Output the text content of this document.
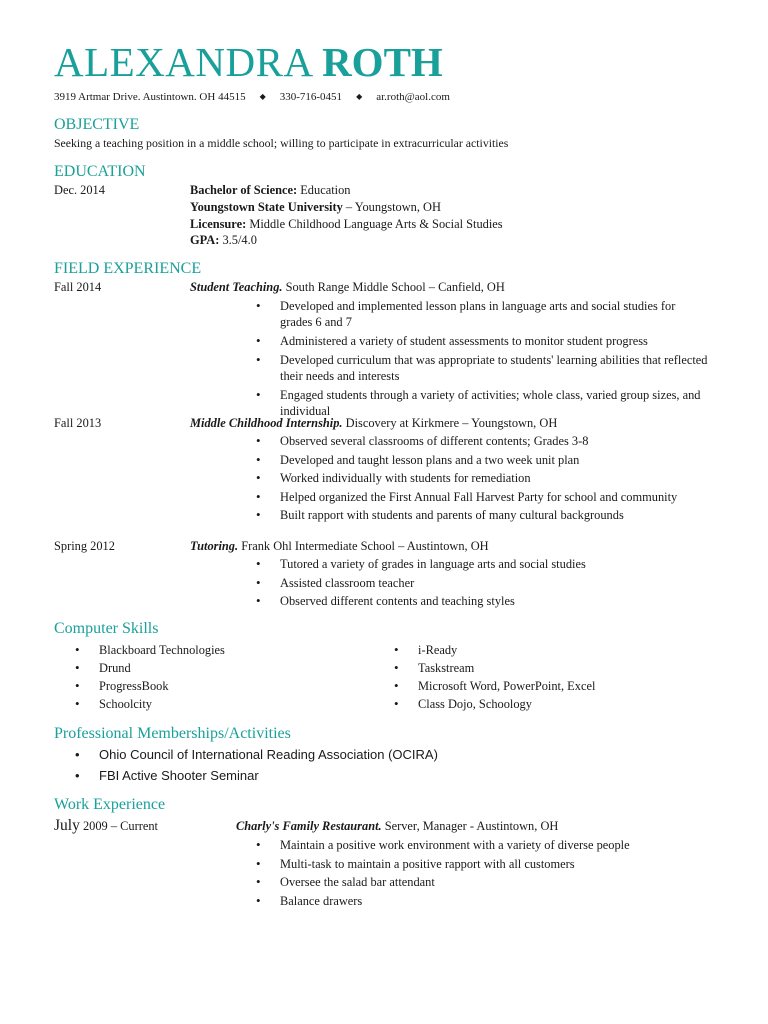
ALEXANDRA ROTH
3919 Artmar Drive. Austintown. OH 44515 ◆ 330-716-0451 ◆ ar.roth@aol.com
OBJECTIVE
Seeking a teaching position in a middle school; willing to participate in extracurricular activities
EDUCATION
Dec. 2014	Bachelor of Science: Education
Youngstown State University – Youngstown, OH
Licensure: Middle Childhood Language Arts & Social Studies
GPA: 3.5/4.0
FIELD EXPERIENCE
Fall 2014	Student Teaching. South Range Middle School – Canfield, OH
• Developed and implemented lesson plans in language arts and social studies for grades 6 and 7
• Administered a variety of student assessments to monitor student progress
• Developed curriculum that was appropriate to students' learning abilities that reflected their needs and interests
• Engaged students through a variety of activities; whole class, varied group sizes, and individual
Fall 2013	Middle Childhood Internship. Discovery at Kirkmere – Youngstown, OH
• Observed several classrooms of different contents; Grades 3-8
• Developed and taught lesson plans and a two week unit plan
• Worked individually with students for remediation
• Helped organized the First Annual Fall Harvest Party for school and community
• Built rapport with students and parents of many cultural backgrounds
Spring 2012	Tutoring. Frank Ohl Intermediate School – Austintown, OH
• Tutored a variety of grades in language arts and social studies
• Assisted classroom teacher
• Observed different contents and teaching styles
Computer Skills
• Blackboard Technologies
• Drund
• ProgressBook
• Schoolcity
• i-Ready
• Taskstream
• Microsoft Word, PowerPoint, Excel
• Class Dojo, Schoology
Professional Memberships/Activities
• Ohio Council of International Reading Association (OCIRA)
• FBI Active Shooter Seminar
Work Experience
July 2009 – Current	Charly's Family Restaurant. Server, Manager - Austintown, OH
• Maintain a positive work environment with a variety of diverse people
• Multi-task to maintain a positive rapport with all customers
• Oversee the salad bar attendant
• Balance drawers
